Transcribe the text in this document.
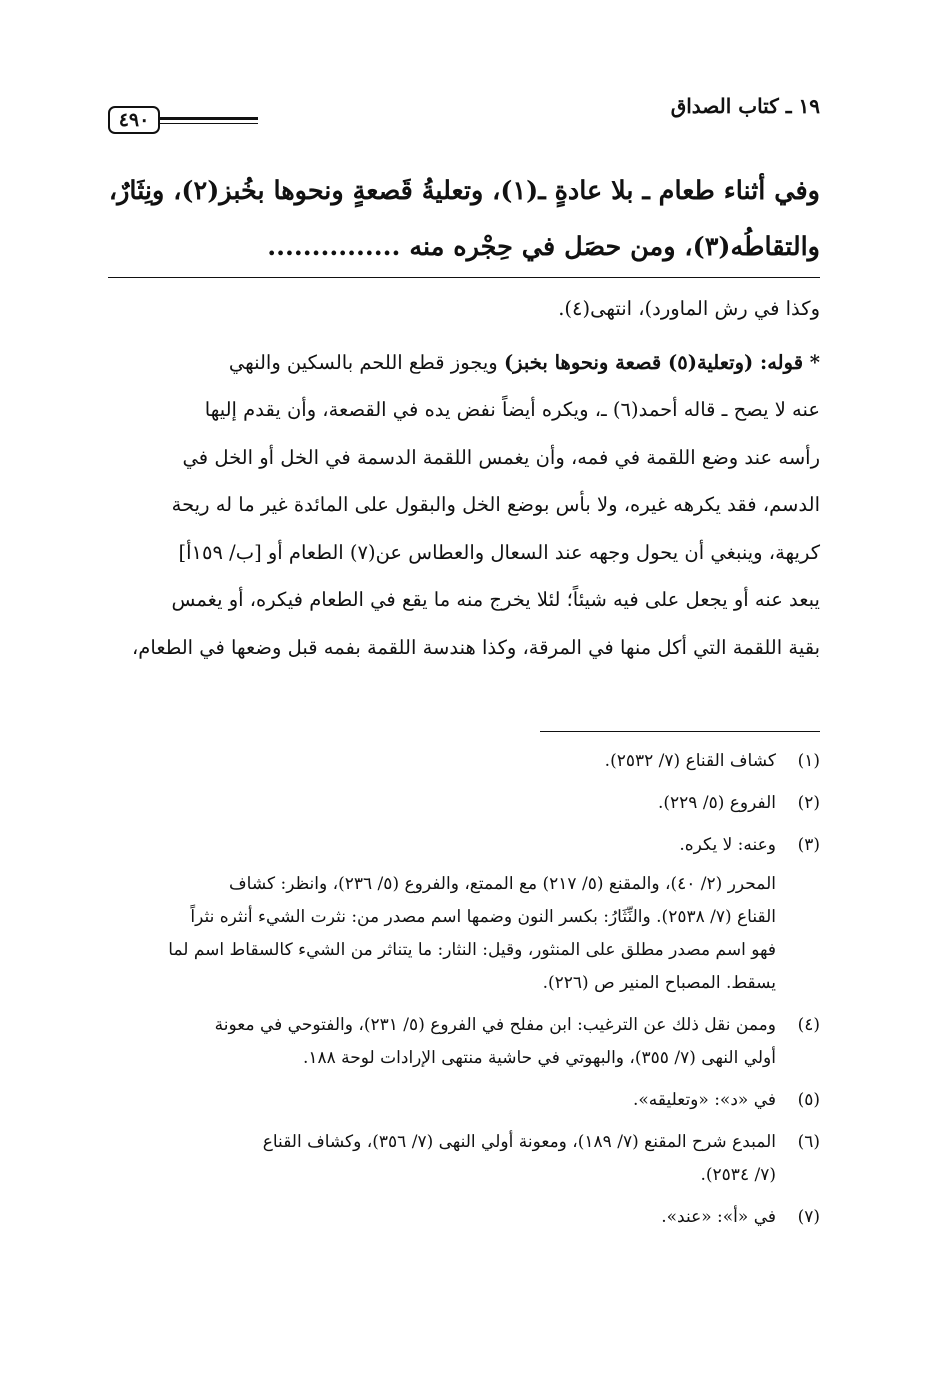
١٩ ـ كتاب الصداق
٤٩٠

وفي أثناء طعام ـ بلا عادةٍ ـ(١)، وتعليةُ قَصعةٍ ونحوها بخُبز(٢)، ونِثَارٌ،

والتقاطُه(٣)، ومن حصَل في حِجْره منه ...............

وكذا في رش الماورد)، انتهى(٤).

* قوله: (وتعلية(٥) قصعة ونحوها بخبز) ويجوز قطع اللحم بالسكين والنهي

عنه لا يصح ـ قاله أحمد(٦) ـ، ويكره أيضاً نفض يده في القصعة، وأن يقدم إليها

رأسه عند وضع اللقمة في فمه، وأن يغمس اللقمة الدسمة في الخل أو الخل في

الدسم، فقد يكرهه غيره، ولا بأس بوضع الخل والبقول على المائدة غير ما له ريحة

كريهة، وينبغي أن يحول وجهه عند السعال والعطاس عن(٧) الطعام أو [ب/ ١٥٩أ]

يبعد عنه أو يجعل على فيه شيئاً؛ لئلا يخرج منه ما يقع في الطعام فيكره، أو يغمس

بقية اللقمة التي أكل منها في المرقة، وكذا هندسة اللقمة بفمه قبل وضعها في الطعام،

(١)
كشاف القناع (٧/ ٢٥٣٢).
(٢)
الفروع (٥/ ٢٢٩).
(٣)
وعنه: لا يكره.
المحرر (٢/ ٤٠)، والمقنع (٥/ ٢١٧) مع الممتع، والفروع (٥/ ٢٣٦)، وانظر: كشاف
القناع (٧/ ٢٥٣٨). والنِّثَارُ: بكسر النون وضمها اسم مصدر من: نثرت الشيء أنثره نثراً
فهو اسم مصدر مطلق على المنثور، وقيل: النثار: ما يتناثر من الشيء كالسقاط اسم لما
يسقط. المصباح المنير ص (٢٢٦).
(٤)
وممن نقل ذلك عن الترغيب: ابن مفلح في الفروع (٥/ ٢٣١)، والفتوحي في معونة
أولي النهى (٧/ ٣٥٥)، والبهوتي في حاشية منتهى الإرادات لوحة ١٨٨.
(٥)
في «د»: «وتعليقه».
(٦)
المبدع شرح المقنع (٧/ ١٨٩)، ومعونة أولي النهى (٧/ ٣٥٦)، وكشاف القناع
(٧/ ٢٥٣٤).
(٧)
في «أ»: «عند».
